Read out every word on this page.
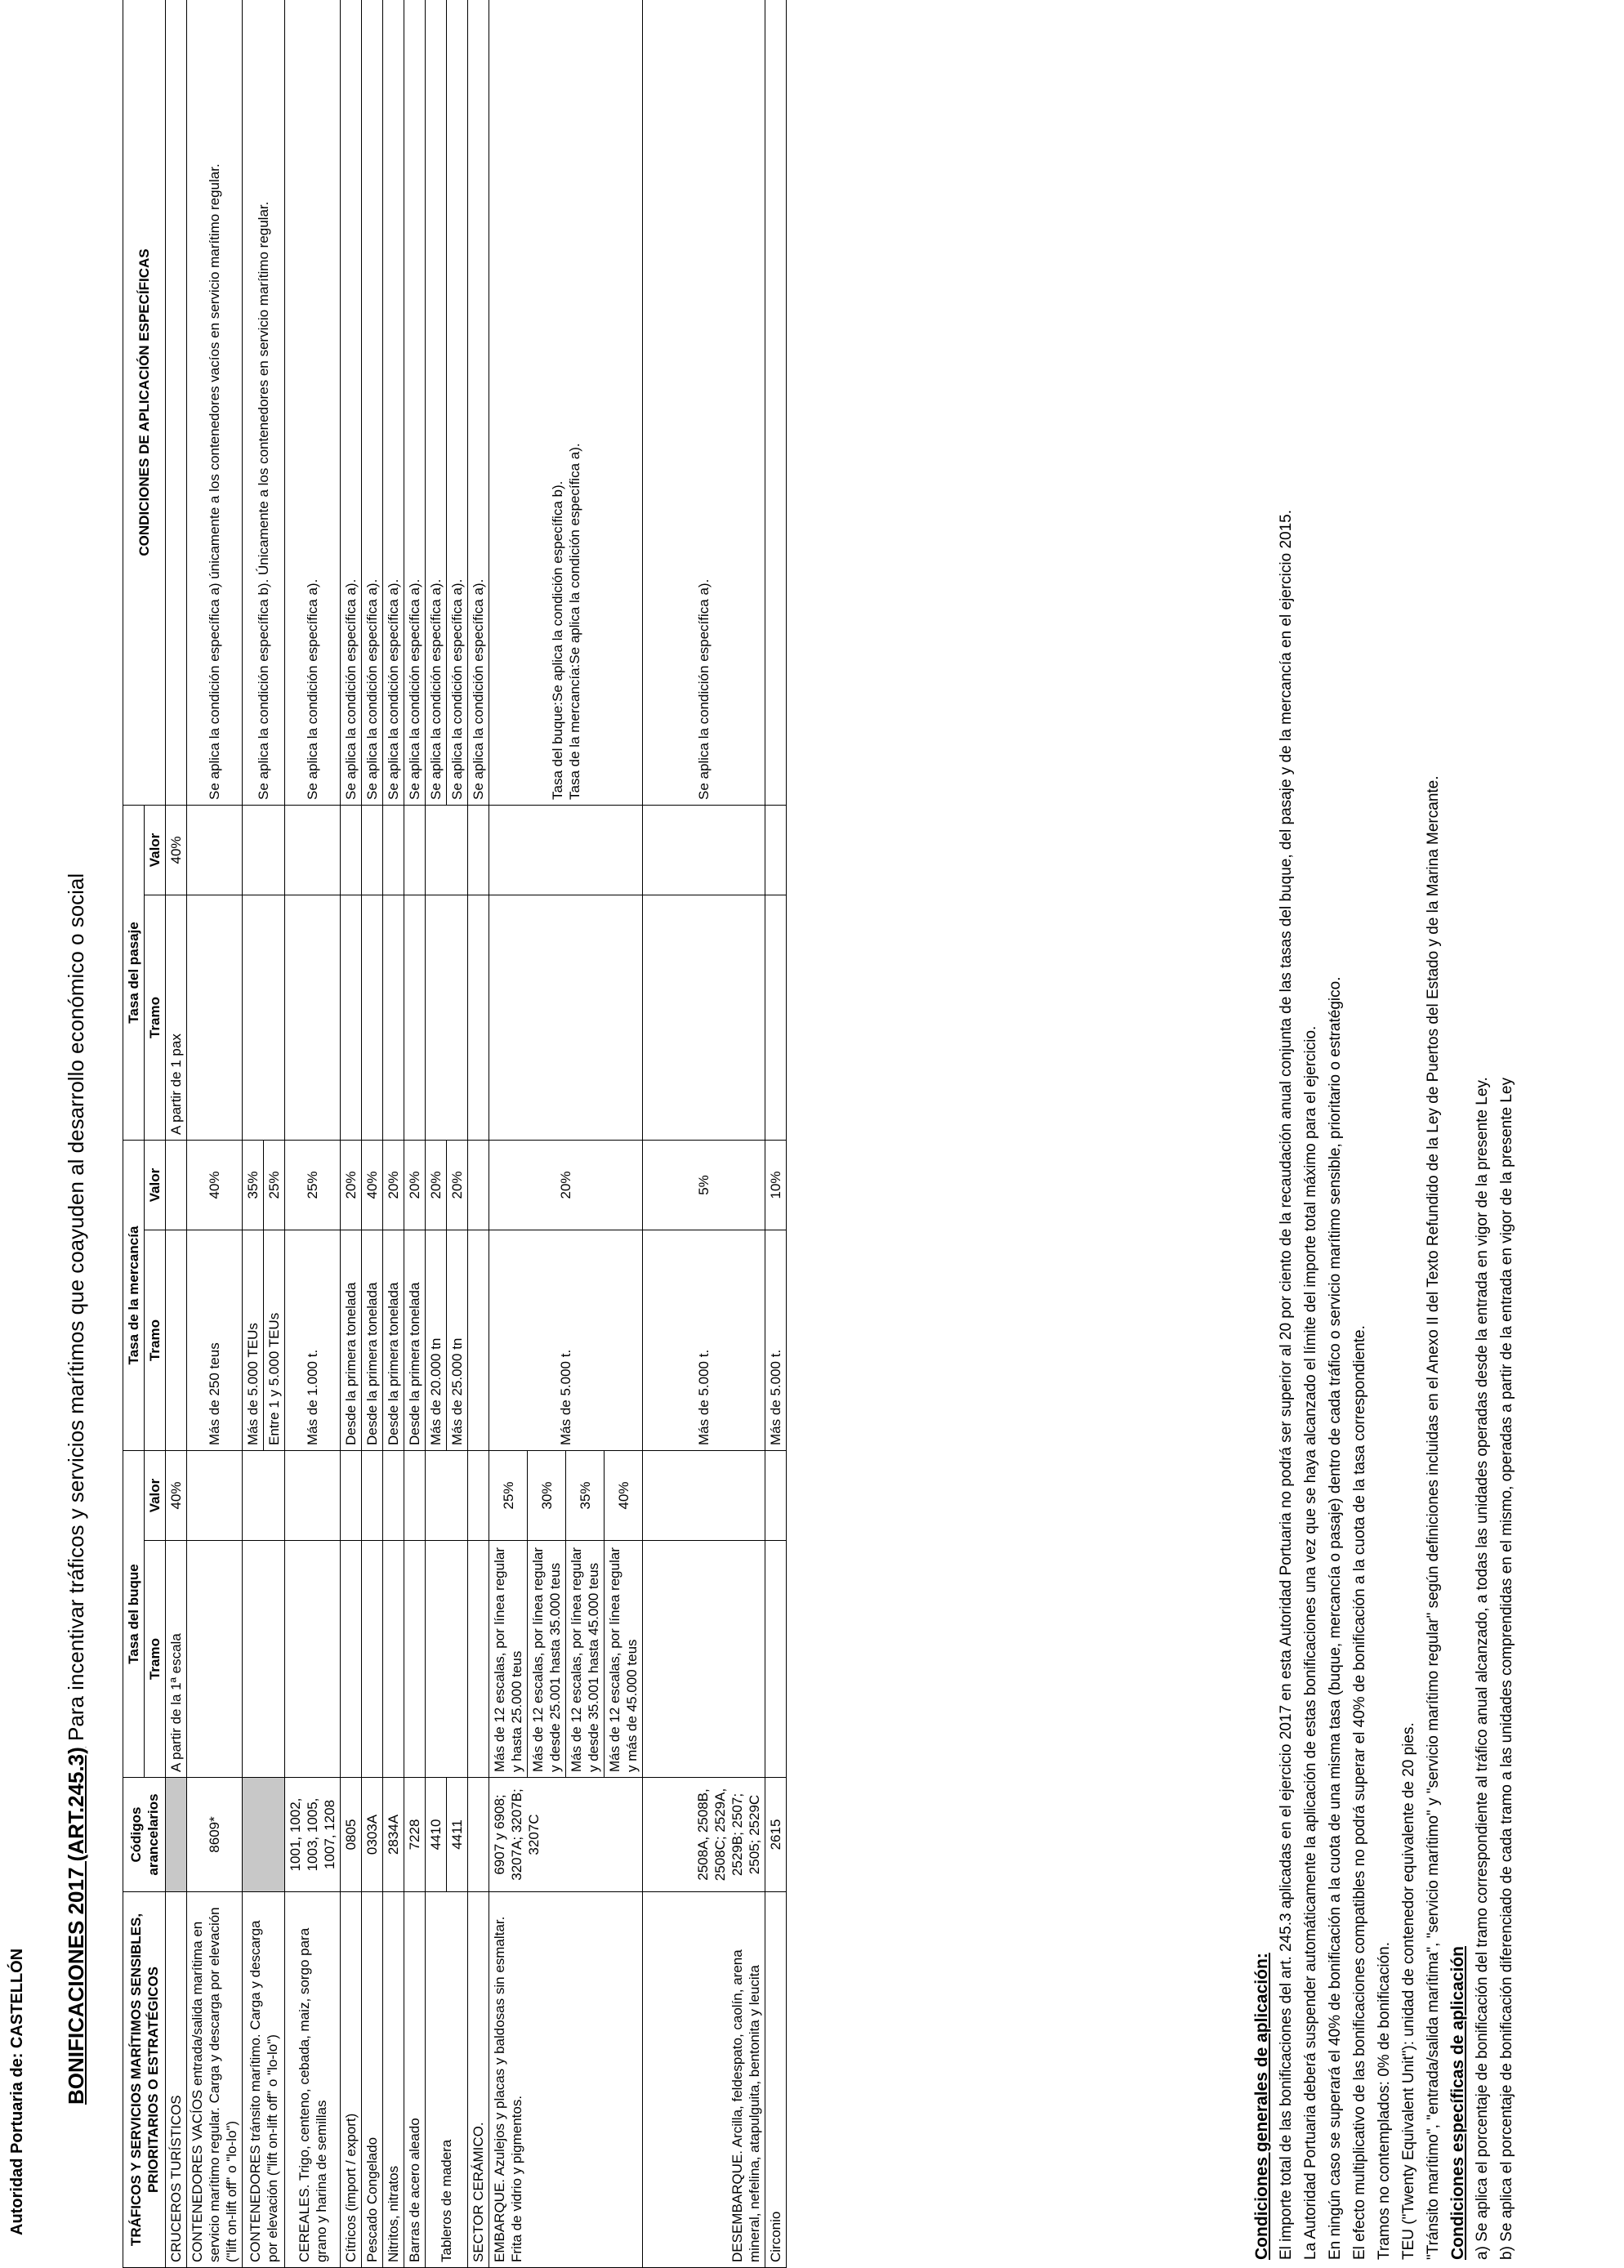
Autoridad Portuaria de: CASTELLÓN BONIFICACIONES 2017 (ART.245.3) Para incentivar tráficos y servicios marítimos que coayuden al desarrollo económico o social
TRÁFICOS Y SERVICIOS MARÍTIMOS SENSIBLES, PRIORITARIOS O ESTRATÉGICOS	Códigos arancelarios	Tasa del buque		Tasa de la mercancía		Tasa del pasaje		CONDICIONES DE APLICACIÓN ESPECÍFICAS
		Tramo	Valor	Tramo	Valor	Tramo	Valor	
CRUCEROS TURÍSTICOS		A partir de la 1ª escala	40%			A partir de 1 pax	40%	
CONTENEDORES VACÍOS entrada/salida marítima en servicio marítimo regular. Carga y descarga por elevación ("lift on-lift off" o "lo-lo")	8609*			Más de 250 teus	40%			Se aplica la condición específica a) únicamente a los contenedores vacíos en servicio marítimo regular.
CONTENEDORES tránsito marítimo. Carga y descarga por elevación ("lift on-lift off" o "lo-lo")				Más de 5.000 TEUs	35%			Se aplica la condición específica b). Únicamente a los contenedores en servicio marítimo regular.
				Entre 1 y 5.000 TEUs	25%			
CEREALES. Trigo, centeno, cebada, maiz, sorgo para grano y harina de semillas	1001, 1002, 1003, 1005, 1007, 1208			Más de 1.000 t.	25%			Se aplica la condición específica a).
Cítricos (import / export)	0805			Desde la primera tonelada	20%			Se aplica la condición específica a).
Pescado Congelado	0303A			Desde la primera tonelada	40%			Se aplica la condición específica a).
Nitritos, nitratos	2834A			Desde la primera tonelada	20%			Se aplica la condición específica a).
Barras de acero aleado	7228			Desde la primera tonelada	20%			Se aplica la condición específica a).
Tableros de madera	4410			Más de 20.000 tn	20%			Se aplica la condición específica a).
	4411			Más de 25.000 tn	20%			Se aplica la condición específica a).
SECTOR CERÁMICO.								Se aplica la condición específica a).
EMBARQUE. Azulejos y placas y baldosas sin esmaltar. Frita de vidrio y pigmentos.	6907 y 6908; 3207A; 3207B; 3207C	Más de 12 escalas, por línea regular y hasta 25.000 teus	25%	Más de 5.000 t.	20%			Tasa del buque:Se aplica la condición específica b). Tasa de la mercancía:Se aplica la condición específica a).

		Más de 12 escalas, por línea regular y desde 25.001 hasta 35.000 teus	30%					
		Más de 12 escalas, por línea regular y desde 35.001 hasta 45.000 teus	35%					
		Más de 12 escalas, por línea regular y más de 45.000 teus	40%					
DESEMBARQUE. Arcilla, feldespato, caolín, arena mineral, nefelina, atapulguita, bentonita y leucita	2508A, 2508B, 2508C; 2529A, 2529B; 2507; 2505; 2529C			Más de 5.000 t.	5%			Se aplica la condición específica a).
Circonio	2615			Más de 5.000 t.	10%			
Condiciones generales de aplicación: El importe total de las bonificaciones del art. 245.3 aplicadas en el ejercicio 2017 en esta Autoridad Portuaria no podrá ser superior al 20 por ciento de la recaudación anual conjunta de las tasas del buque, del pasaje y de la mercancía en el ejercicio 2015. La Autoridad Portuaria deberá suspender automáticamente la aplicación de estas bonificaciones una vez que se haya alcanzado el límite del importe total máximo para el ejercicio. En ningún caso se superará el 40% de bonificación a la cuota de una misma tasa (buque, mercancía o pasaje) dentro de cada tráfico o servicio marítimo sensible, prioritario o estratégico. El efecto multiplicativo de las bonificaciones compatibles no podrá superar el 40% de bonificación a la cuota de la tasa correspondiente. Tramos no contemplados: 0% de bonificación. TEU ("Twenty Equivalent Unit"): unidad de contenedor equivalente de 20 pies. "Tránsito marítimo", "entrada/salida marítima", "servicio marítimo" y "servicio marítimo regular" según definiciones incluidas en el Anexo II del Texto Refundido de la Ley de Puertos del Estado y de la Marina Mercante. Condiciones específicas de aplicación a) Se aplica el porcentaje de bonificación del tramo correspondiente al tráfico anual alcanzado, a todas las unidades operadas desde la entrada en vigor de la presente Ley. b) Se aplica el porcentaje de bonificación diferenciado de cada tramo a las unidades comprendidas en el mismo, operadas a partir de la entrada en vigor de la presente Ley
